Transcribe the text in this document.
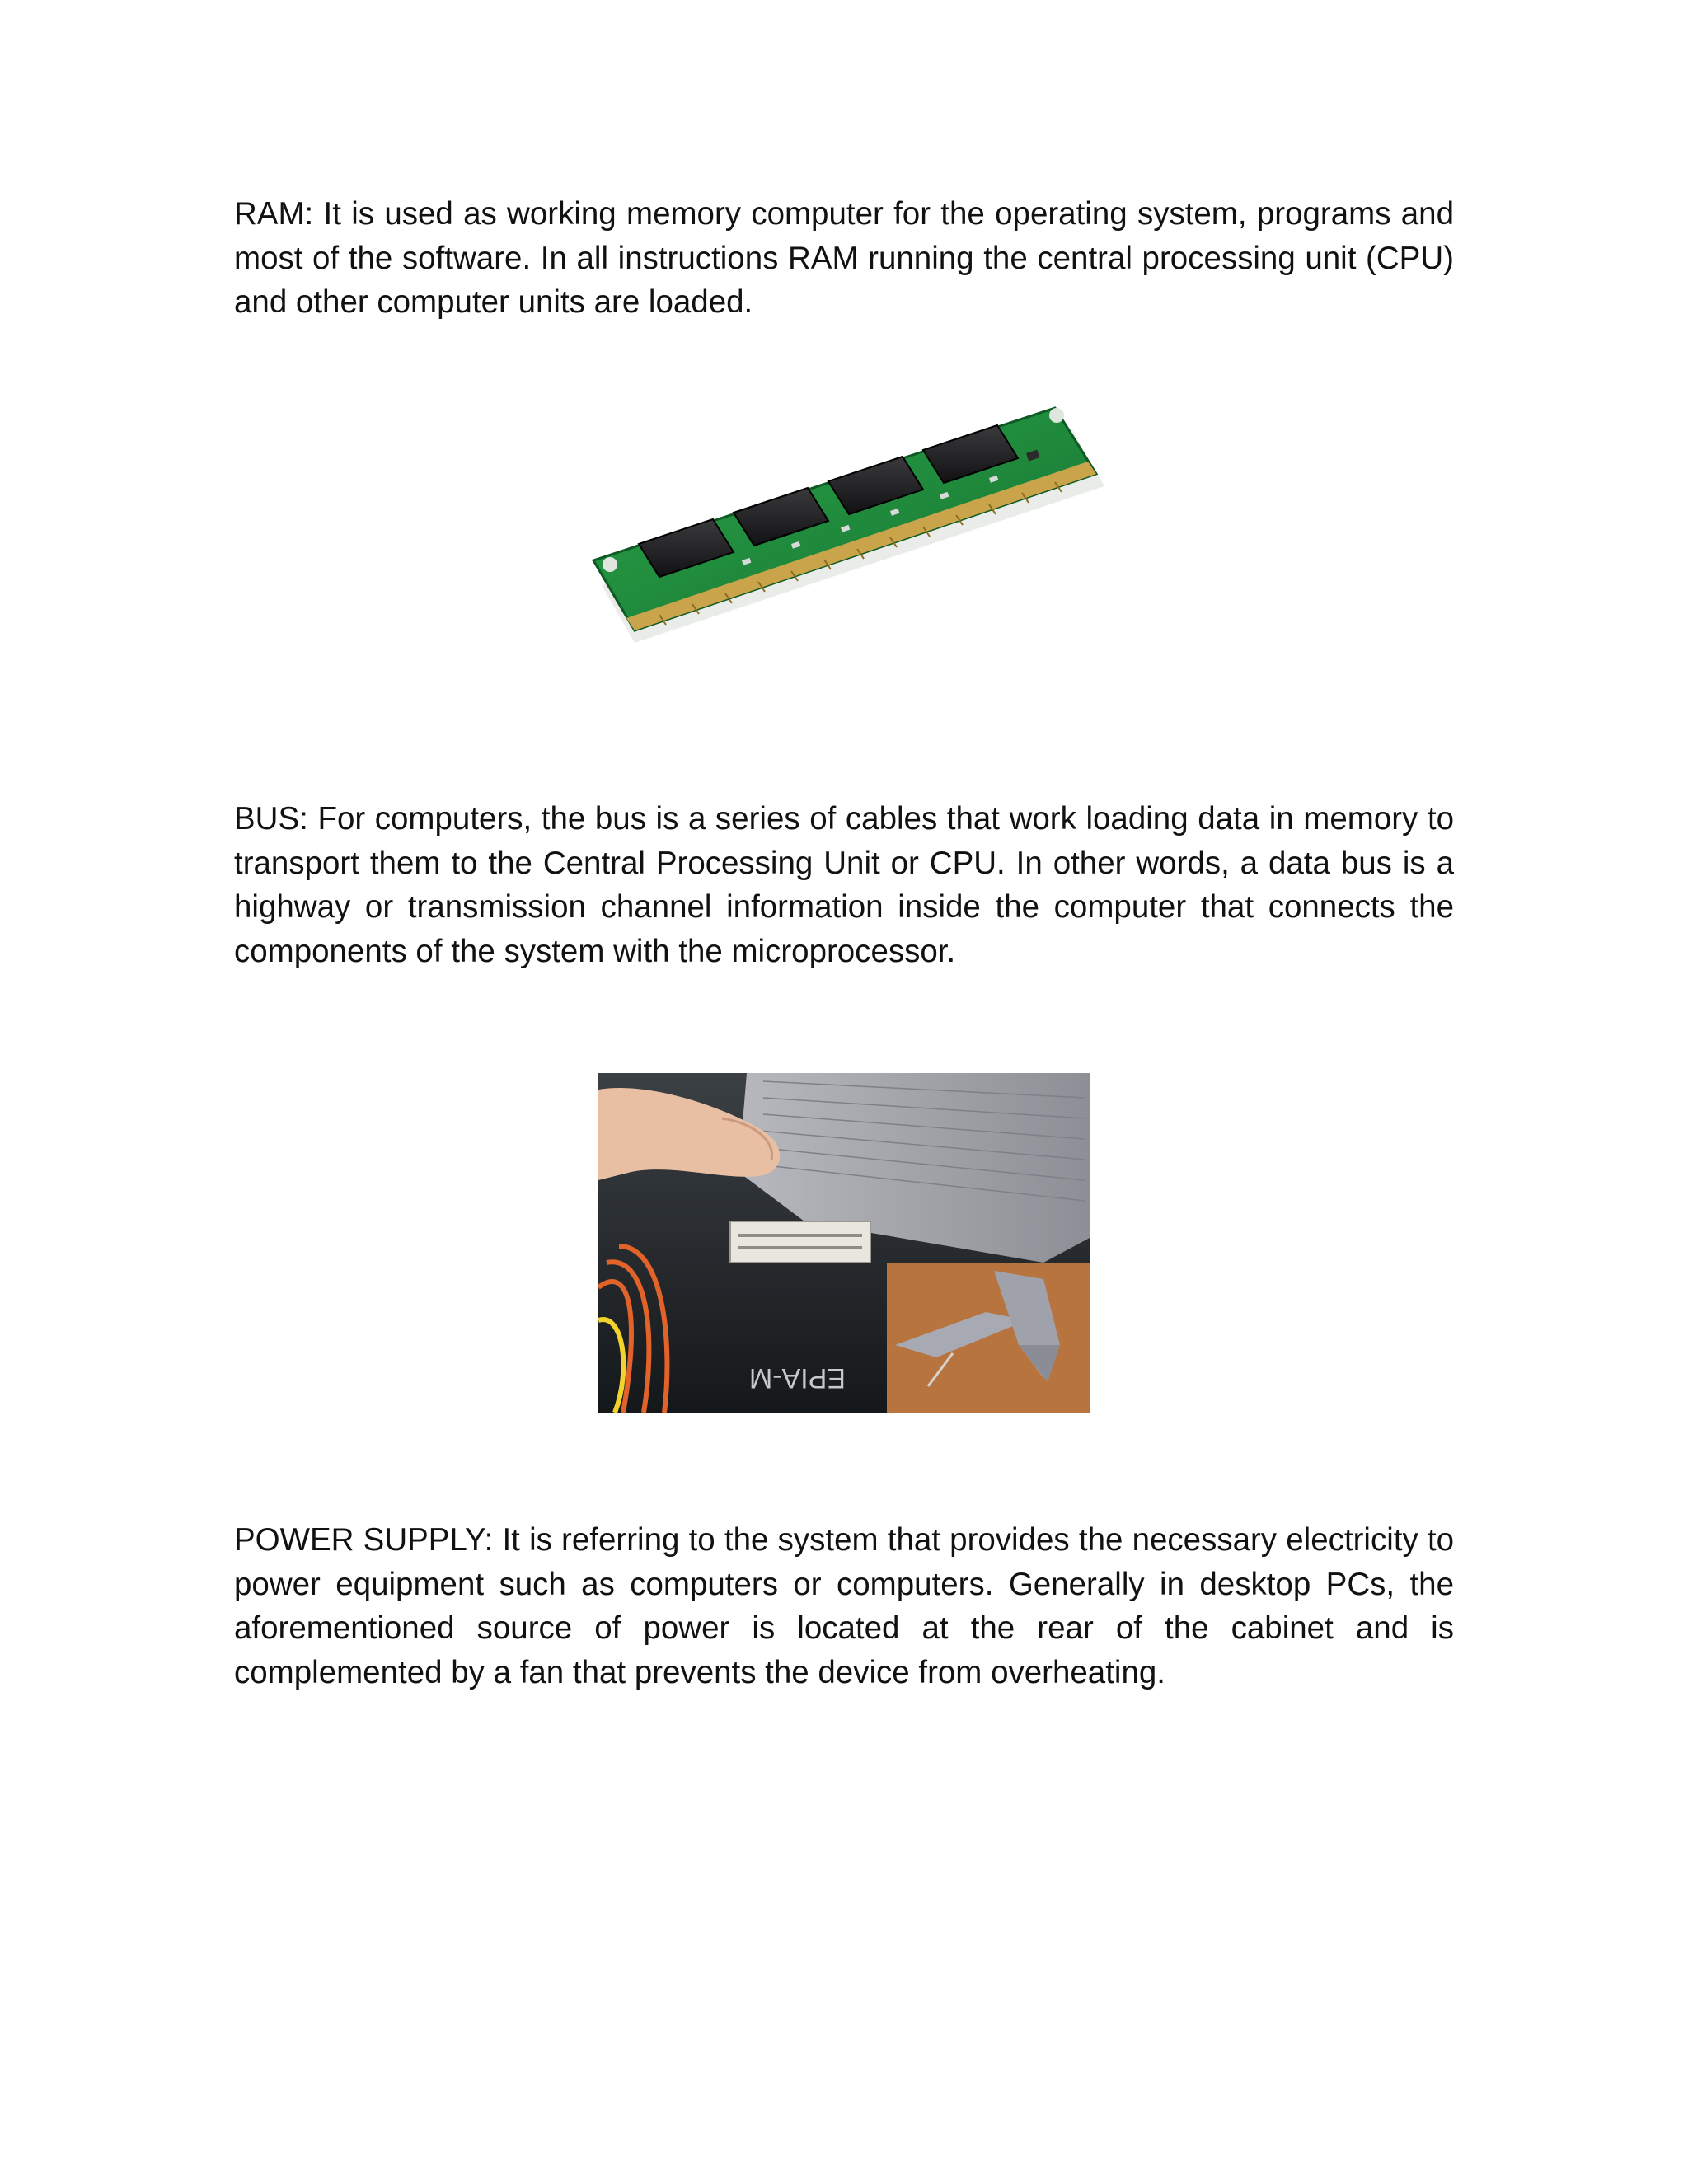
RAM: It is used as working memory computer for the operating system, programs and most of the software. In all instructions RAM running the central processing unit (CPU) and other computer units are loaded.

BUS: For computers, the bus is a series of cables that work loading data in memory to transport them to the Central Processing Unit or CPU. In other words, a data bus is a highway or transmission channel information inside the computer that connects the components of the system with the microprocessor.

EPIA-M

POWER SUPPLY: It is referring to the system that provides the necessary electricity to power equipment such as computers or computers. Generally in desktop PCs, the aforementioned source of power is located at the rear of the cabinet and is complemented by a fan that prevents the device from overheating.
